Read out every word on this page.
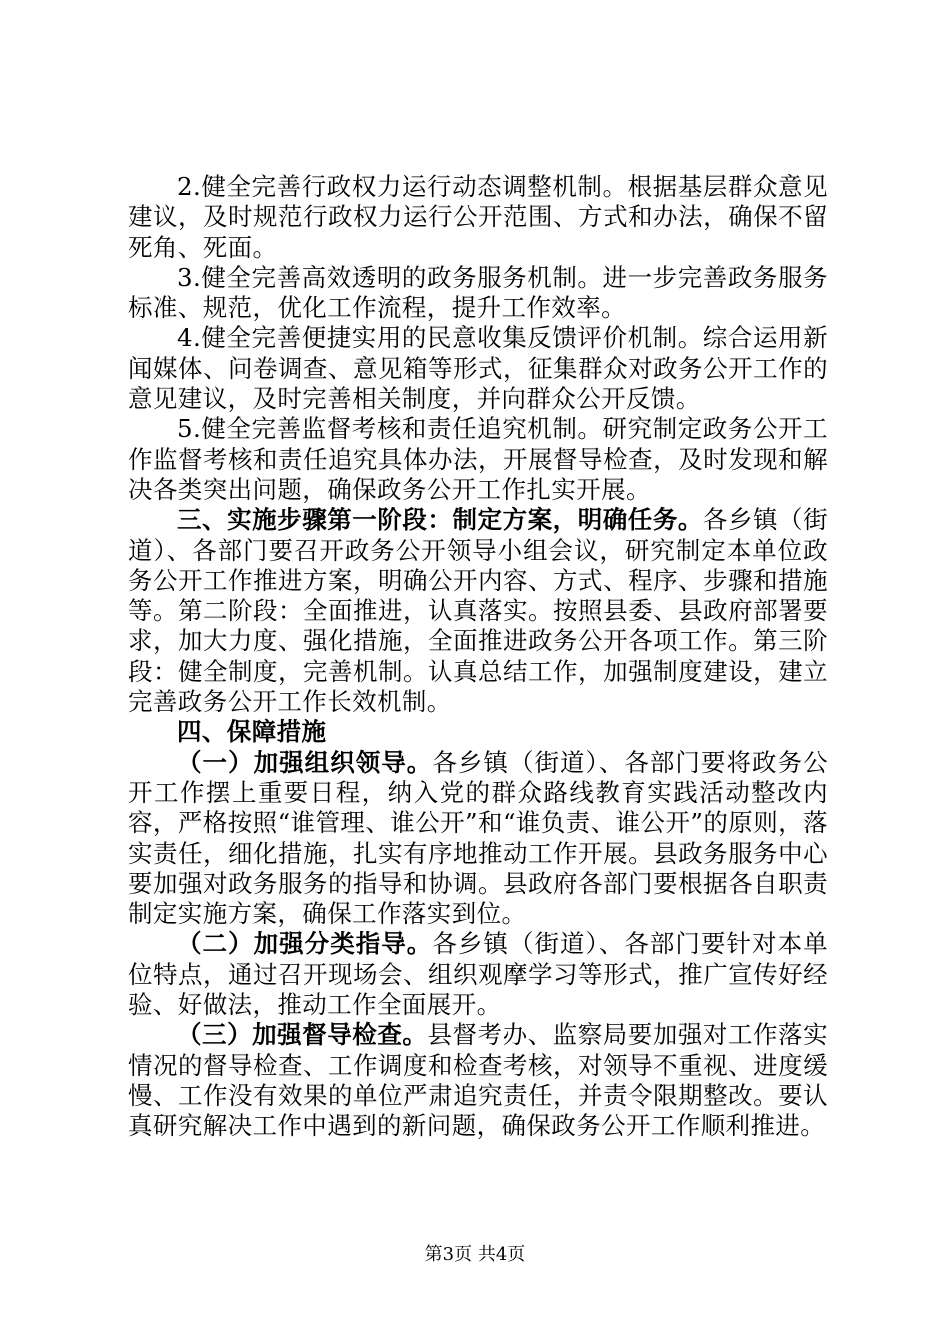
2.健全完善行政权力运行动态调整机制。根据基层群众意见建议，及时规范行政权力运行公开范围、方式和办法，确保不留死角、死面。

3.健全完善高效透明的政务服务机制。进一步完善政务服务标准、规范，优化工作流程，提升工作效率。

4.健全完善便捷实用的民意收集反馈评价机制。综合运用新闻媒体、问卷调查、意见箱等形式，征集群众对政务公开工作的意见建议，及时完善相关制度，并向群众公开反馈。

5.健全完善监督考核和责任追究机制。研究制定政务公开工作监督考核和责任追究具体办法，开展督导检查，及时发现和解决各类突出问题，确保政务公开工作扎实开展。

三、实施步骤第一阶段：制定方案，明确任务。各乡镇（街道）、各部门要召开政务公开领导小组会议，研究制定本单位政务公开工作推进方案，明确公开内容、方式、程序、步骤和措施等。第二阶段：全面推进，认真落实。按照县委、县政府部署要求，加大力度、强化措施，全面推进政务公开各项工作。第三阶段：健全制度，完善机制。认真总结工作，加强制度建设，建立完善政务公开工作长效机制。

四、保障措施

（一）加强组织领导。各乡镇（街道）、各部门要将政务公开工作摆上重要日程，纳入党的群众路线教育实践活动整改内容，严格按照“谁管理、谁公开”和“谁负责、谁公开”的原则，落实责任，细化措施，扎实有序地推动工作开展。县政务服务中心要加强对政务服务的指导和协调。县政府各部门要根据各自职责制定实施方案，确保工作落实到位。

（二）加强分类指导。各乡镇（街道）、各部门要针对本单位特点，通过召开现场会、组织观摩学习等形式，推广宣传好经验、好做法，推动工作全面展开。

（三）加强督导检查。县督考办、监察局要加强对工作落实情况的督导检查、工作调度和检查考核，对领导不重视、进度缓慢、工作没有效果的单位严肃追究责任，并责令限期整改。要认真研究解决工作中遇到的新问题，确保政务公开工作顺利推进。

第3页 共4页
